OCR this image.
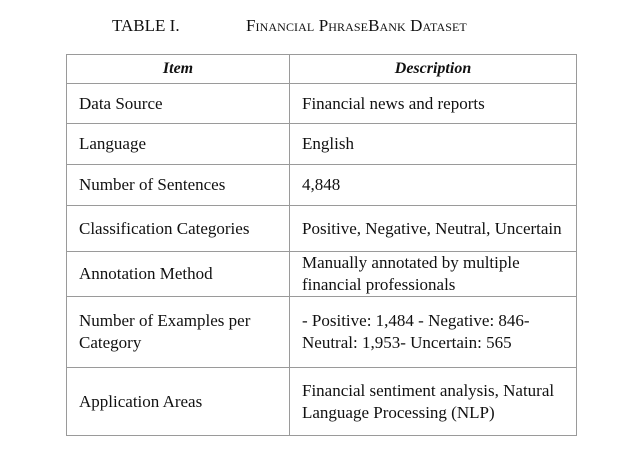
TABLE I.	Financial PhraseBank Dataset
Item	Description
Data Source	Financial news and reports
Language	English
Number of Sentences	4,848
Classification Categories	Positive, Negative, Neutral, Uncertain
Annotation Method	Manually annotated by multiple financial professionals
Number of Examples per Category	- Positive: 1,484 - Negative: 846- Neutral: 1,953- Uncertain: 565
Application Areas	Financial sentiment analysis, Natural Language Processing (NLP)
